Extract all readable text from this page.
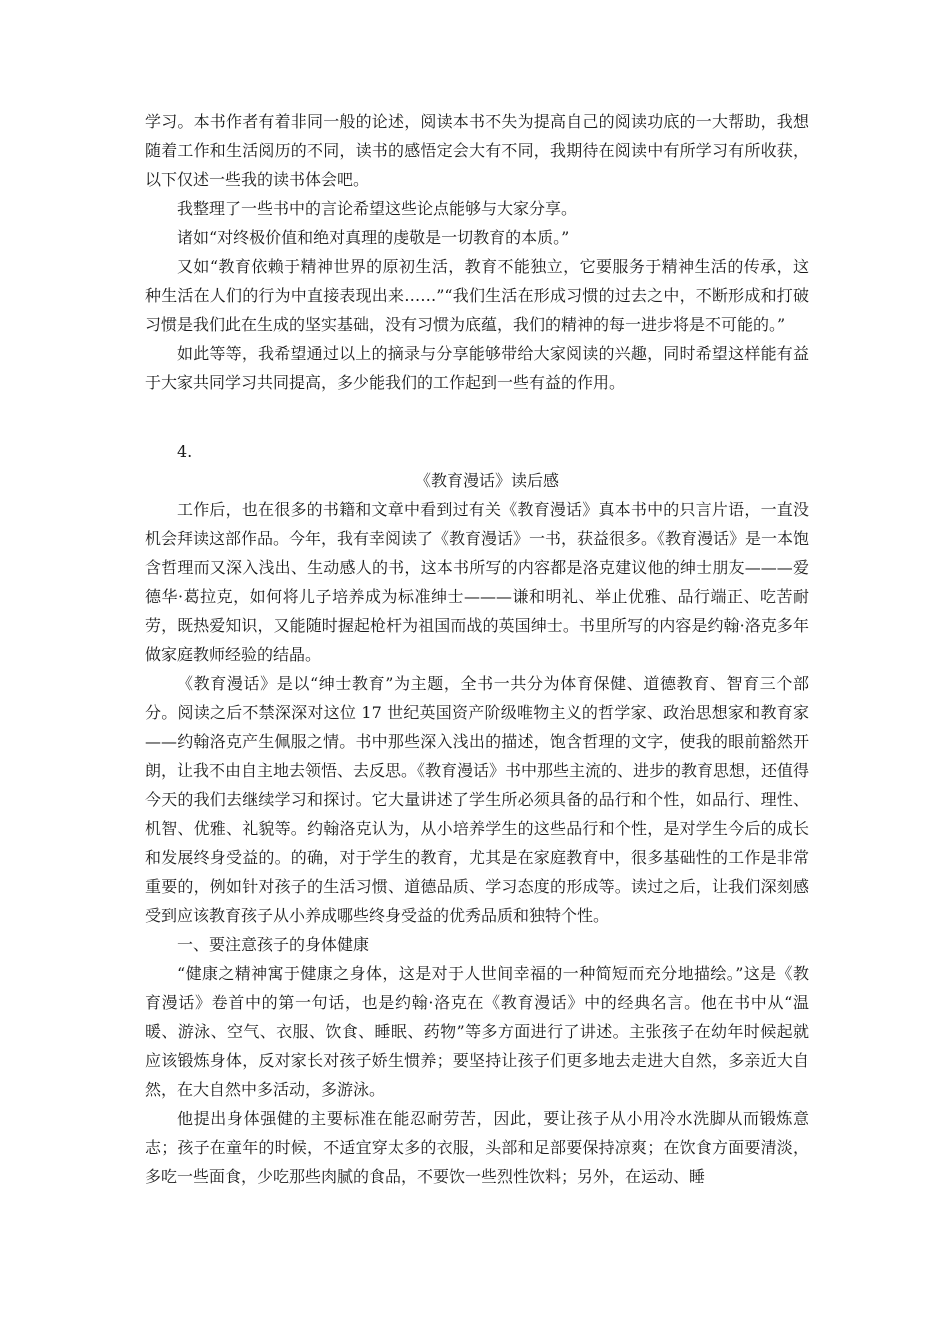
学习。本书作者有着非同一般的论述，阅读本书不失为提高自己的阅读功底的一大帮助，我想随着工作和生活阅历的不同，读书的感悟定会大有不同，我期待在阅读中有所学习有所收获，以下仅述一些我的读书体会吧。

我整理了一些书中的言论希望这些论点能够与大家分享。

诸如“对终极价值和绝对真理的虔敬是一切教育的本质。”

又如“教育依赖于精神世界的原初生活，教育不能独立，它要服务于精神生活的传承，这种生活在人们的行为中直接表现出来……”“我们生活在形成习惯的过去之中，不断形成和打破习惯是我们此在生成的坚实基础，没有习惯为底蕴，我们的精神的每一进步将是不可能的。”

如此等等，我希望通过以上的摘录与分享能够带给大家阅读的兴趣，同时希望这样能有益于大家共同学习共同提高，多少能我们的工作起到一些有益的作用。

4.

《教育漫话》读后感

工作后，也在很多的书籍和文章中看到过有关《教育漫话》真本书中的只言片语，一直没机会拜读这部作品。今年，我有幸阅读了《教育漫话》一书，获益很多。《教育漫话》是一本饱含哲理而又深入浅出、生动感人的书，这本书所写的内容都是洛克建议他的绅士朋友———爱德华·葛拉克，如何将儿子培养成为标准绅士———谦和明礼、举止优雅、品行端正、吃苦耐劳，既热爱知识，又能随时握起枪杆为祖国而战的英国绅士。书里所写的内容是约翰·洛克多年做家庭教师经验的结晶。

《教育漫话》是以“绅士教育”为主题，全书一共分为体育保健、道德教育、智育三个部分。阅读之后不禁深深对这位 17 世纪英国资产阶级唯物主义的哲学家、政治思想家和教育家——约翰洛克产生佩服之情。书中那些深入浅出的描述，饱含哲理的文字，使我的眼前豁然开朗，让我不由自主地去领悟、去反思。《教育漫话》书中那些主流的、进步的教育思想，还值得今天的我们去继续学习和探讨。它大量讲述了学生所必须具备的品行和个性，如品行、理性、机智、优雅、礼貌等。约翰洛克认为，从小培养学生的这些品行和个性，是对学生今后的成长和发展终身受益的。的确，对于学生的教育，尤其是在家庭教育中，很多基础性的工作是非常重要的，例如针对孩子的生活习惯、道德品质、学习态度的形成等。读过之后，让我们深刻感受到应该教育孩子从小养成哪些终身受益的优秀品质和独特个性。

一、要注意孩子的身体健康

“健康之精神寓于健康之身体，这是对于人世间幸福的一种简短而充分地描绘。”这是《教育漫话》卷首中的第一句话，也是约翰·洛克在《教育漫话》中的经典名言。他在书中从“温暖、游泳、空气、衣服、饮食、睡眠、药物”等多方面进行了讲述。主张孩子在幼年时候起就应该锻炼身体，反对家长对孩子娇生惯养；要坚持让孩子们更多地去走进大自然，多亲近大自然，在大自然中多活动，多游泳。

他提出身体强健的主要标准在能忍耐劳苦，因此，要让孩子从小用冷水洗脚从而锻炼意志；孩子在童年的时候，不适宜穿太多的衣服，头部和足部要保持凉爽；在饮食方面要清淡，多吃一些面食，少吃那些肉腻的食品，不要饮一些烈性饮料；另外，在运动、睡
